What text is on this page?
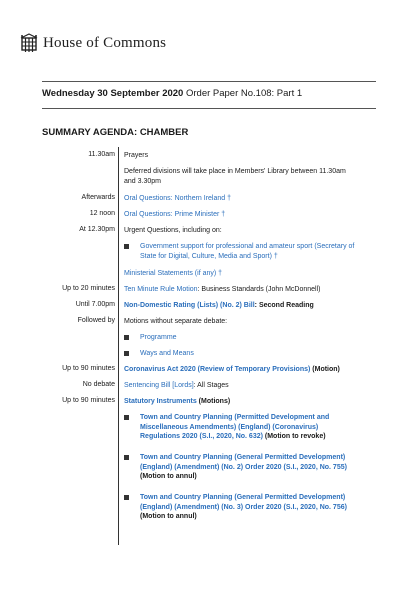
House of Commons
Wednesday 30 September 2020 Order Paper No.108: Part 1
SUMMARY AGENDA: CHAMBER
11.30am Prayers
Deferred divisions will take place in Members' Library between 11.30am and 3.30pm
Afterwards Oral Questions: Northern Ireland †
12 noon Oral Questions: Prime Minister †
At 12.30pm Urgent Questions, including on:
Government support for professional and amateur sport (Secretary of State for Digital, Culture, Media and Sport) †
Ministerial Statements (if any) †
Up to 20 minutes Ten Minute Rule Motion: Business Standards (John McDonnell)
Until 7.00pm Non-Domestic Rating (Lists) (No. 2) Bill: Second Reading
Followed by Motions without separate debate:
Programme
Ways and Means
Up to 90 minutes Coronavirus Act 2020 (Review of Temporary Provisions) (Motion)
No debate Sentencing Bill [Lords]: All Stages
Up to 90 minutes Statutory Instruments (Motions)
Town and Country Planning (Permitted Development and Miscellaneous Amendments) (England) (Coronavirus) Regulations 2020 (S.I., 2020, No. 632) (Motion to revoke)
Town and Country Planning (General Permitted Development) (England) (Amendment) (No. 2) Order 2020 (S.I., 2020, No. 755) (Motion to annul)
Town and Country Planning (General Permitted Development) (England) (Amendment) (No. 3) Order 2020 (S.I., 2020, No. 756) (Motion to annul)
